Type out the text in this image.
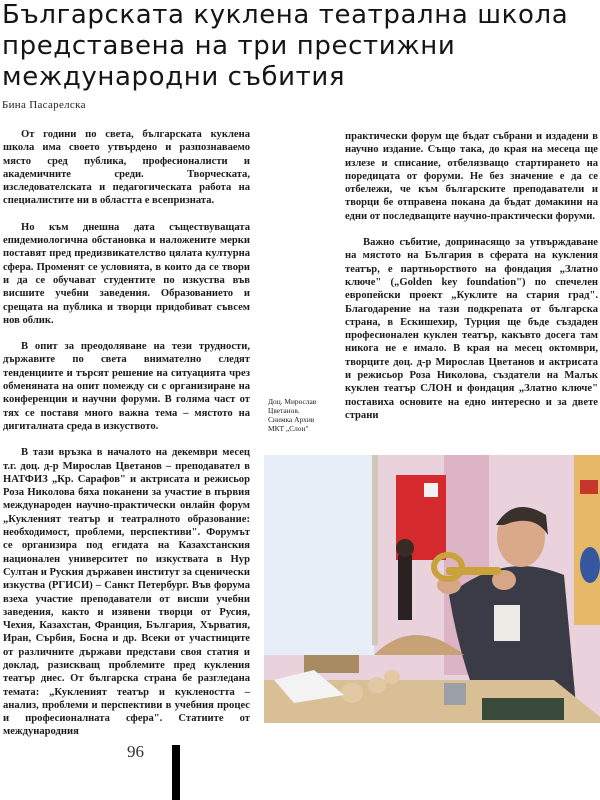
Българската куклена театрална школа
представена на три престижни
международни събития
Бина Пасарелска

От години по света, българската куклена школа има своето утвърдено и разпознаваемо място сред публика, професионалисти и академичните среди. Творческата, изследователската и педагогическата работа на специалистите ни в областта е всепризната.

Но към днешна дата съществуващата епидемиологична обстановка и наложените мерки поставят пред предизвикателство цялата културна сфера. Променят се условията, в които да се твори и да се обучават студентите по изкуства във висшите учебни заведения. Образованието и срещата на публика и творци придобиват съвсем нов облик.

В опит за преодоляване на тези трудности, държавите по света внимателно следят тенденциите и търсят решение на ситуацията чрез обменяната на опит помежду си с организиране на конференции и научни форуми. В голяма част от тях се поставя много важна тема – мястото на дигиталната среда в изкуството.

В тази връзка в началото на декември месец т.г. доц. д-р Мирослав Цветанов – преподавател в НАТФИЗ „Кр. Сарафов" и актрисата и режисьор Роза Николова бяха поканени за участие в първия международен научно-практически онлайн форум „Кукленият театър и театралното образование: необходимост, проблеми, перспективи". Форумът се организира под егидата на Казахстанския национален университет по изкуствата в Нур Султан и Руския държавен институт за сценически изкуства (РГИСИ) – Санкт Петербург. Във форума взеха участие преподаватели от висши учебни заведения, както и изявени творци от Русия, Чехия, Казахстан, Франция, България, Хърватия, Иран, Сърбия, Босна и др. Всеки от участниците от различните държави представи своя статия и доклад, разискващ проблемите пред кукления театър днес. От българска страна бе разгледана темата: „Кукленият театър и куклеността – анализ, проблеми и перспективи в учебния процес и професионалната сфера". Статиите от международния

практически форум ще бъдат събрани и издадени в научно издание. Също така, до края на месеца ще излезе и списание, отбелязващо стартирането на поредицата от форуми. Не без значение е да се отбележи, че към българските преподаватели и творци бе отправена покана да бъдат домакини на едни от последващите научно-практически форуми.

Важно събитие, допринасящо за утвърждаване на мястото на България в сферата на кукления театър, е партньорството на фондация „Златно ключе" („Golden key foundation") по спечелен европейски проект „Куклите на стария град". Благодарение на тази подкрепата от българска страна, в Ескишехир, Турция ще бъде създаден професионален куклен театър, какъвто досега там никога не е имало. В края на месец октомври, творците доц. д-р Мирослав Цветанов и актрисата и режисьор Роза Николова, създатели на Малък куклен театър СЛОН и фондация „Златно ключе" поставиха основите на едно интересно и за двете страни

Доц. Мирослав
Цветанов.
Снимка Архив
МКТ „Слон"
96
